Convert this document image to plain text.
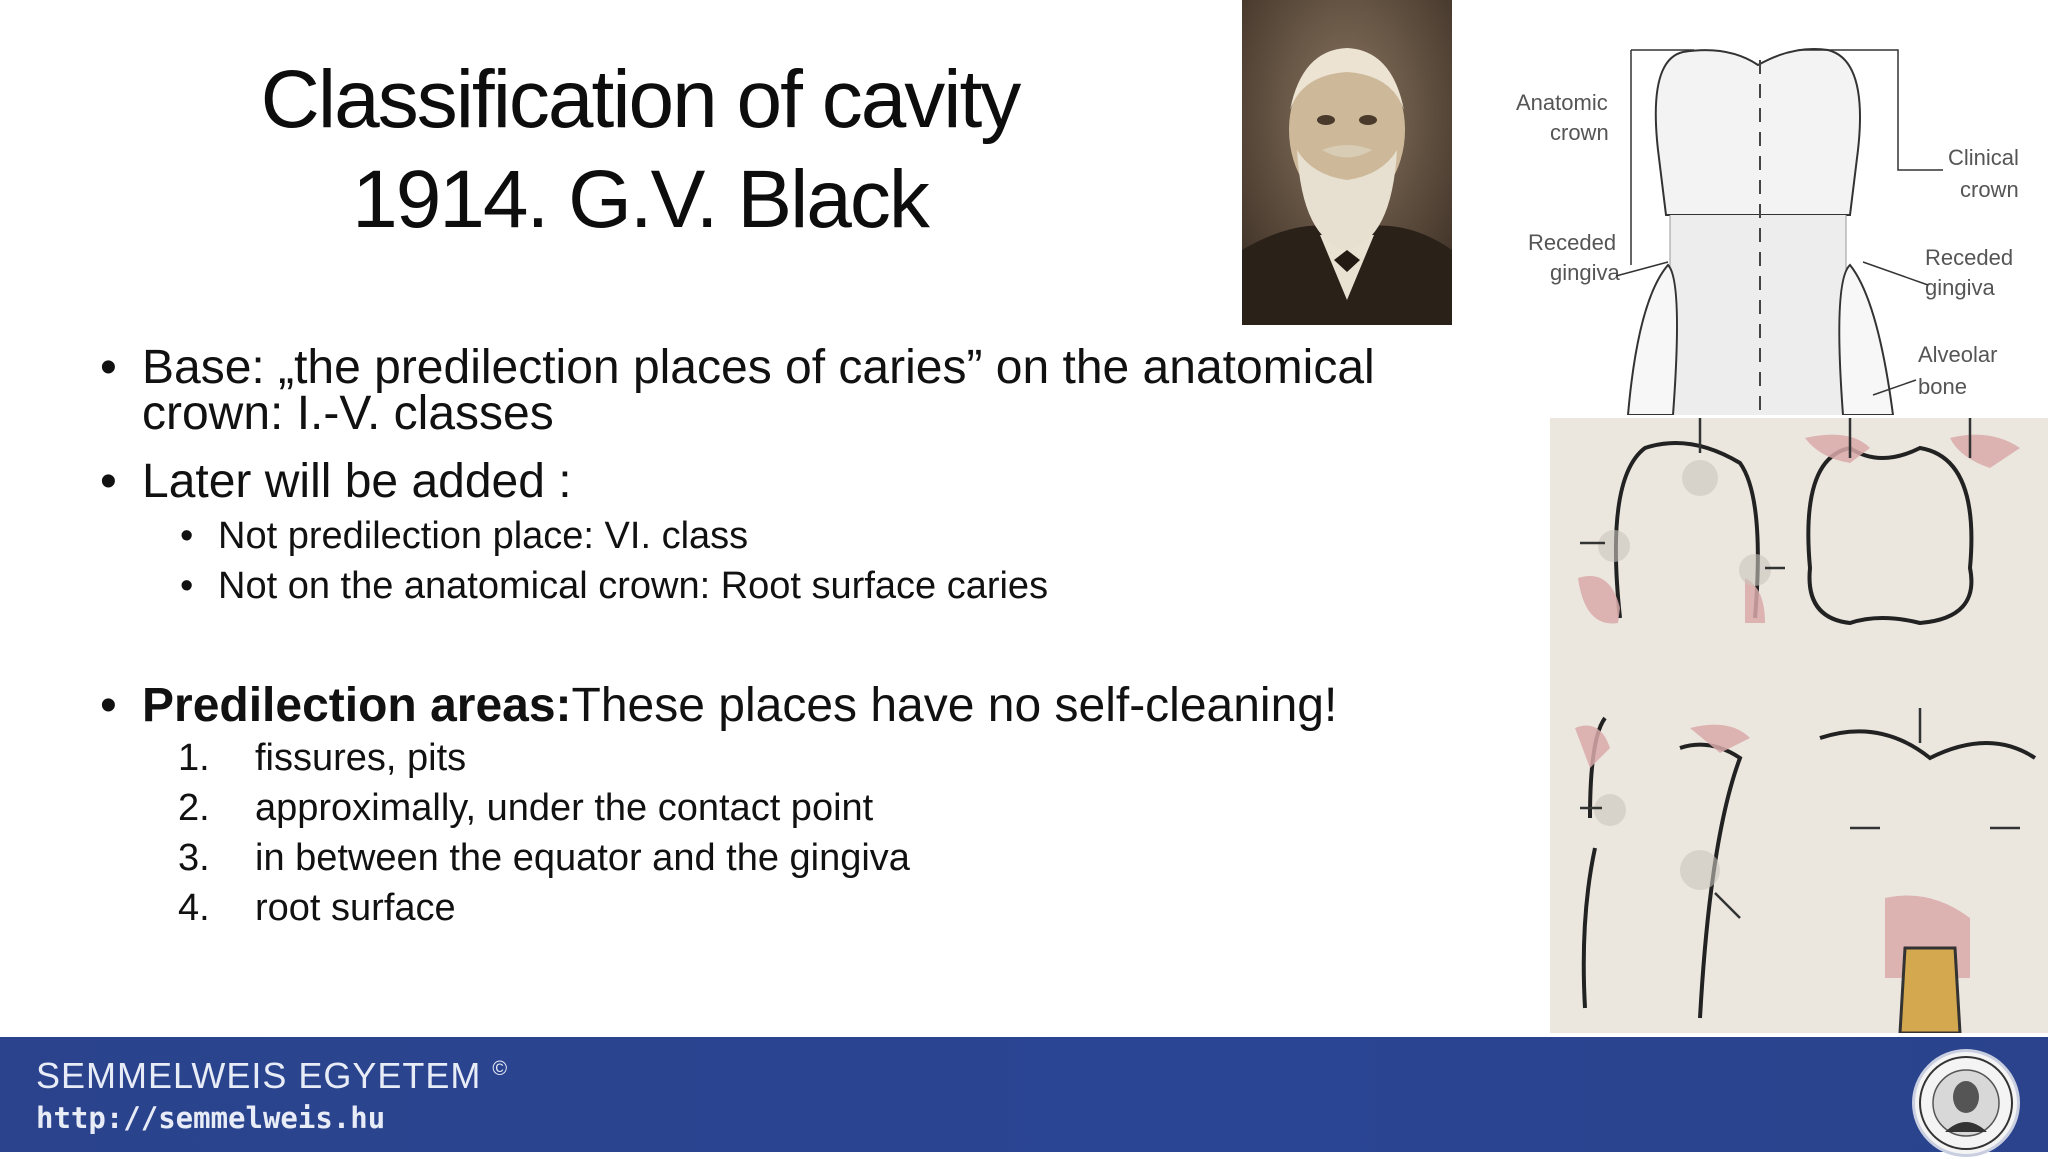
Classification of cavity
1914. G.V. Black
Anatomic
crown
Clinical
crown
Receded
gingiva
Receded
gingiva
Alveolar
bone
• Base: „the predilection places of caries” on the anatomical crown: I.-V. classes
• Later will be added :
• Not predilection place: VI. class
• Not on the anatomical crown: Root surface caries
• Predilection areas:These places have no self-cleaning!
1. fissures, pits
2. approximally, under the contact point
3. in between the equator and the gingiva
4. root surface
SEMMELWEIS EGYETEM ©
http://semmelweis.hu
